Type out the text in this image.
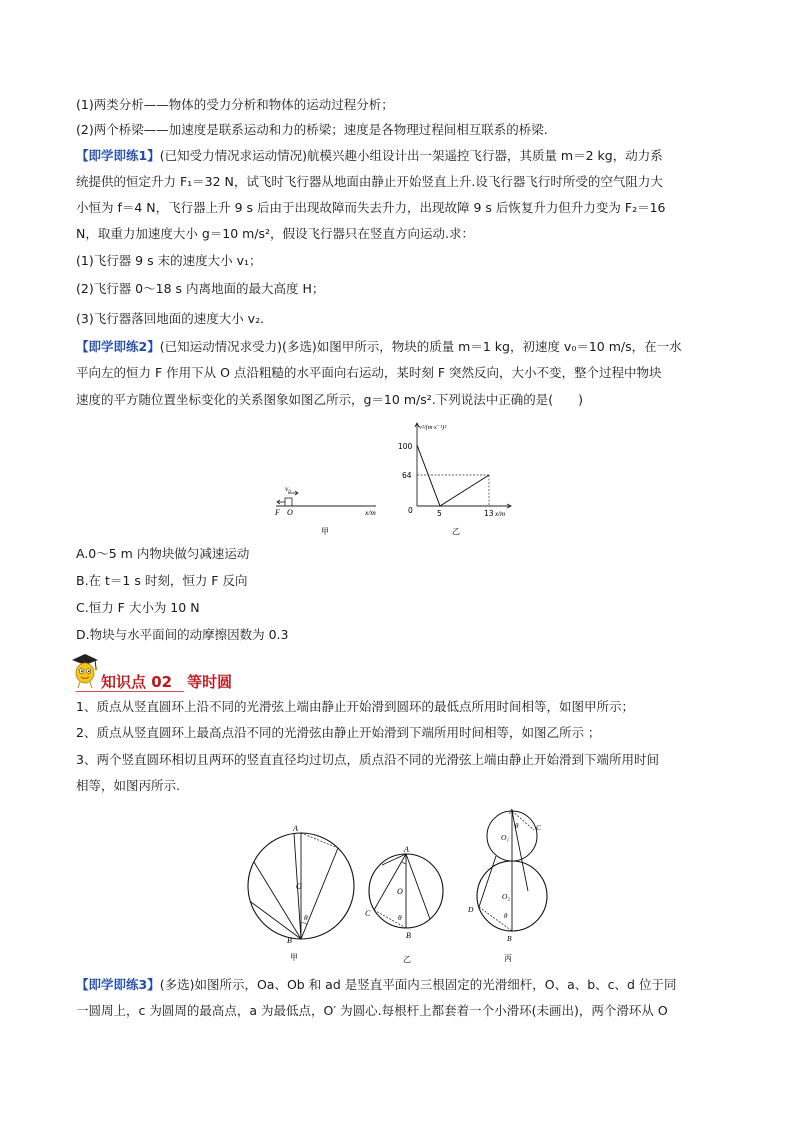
(1)两类分析——物体的受力分析和物体的运动过程分析；
(2)两个桥梁——加速度是联系运动和力的桥梁；速度是各物理过程间相互联系的桥梁.
【即学即练1】(已知受力情况求运动情况)航模兴趣小组设计出一架遥控飞行器，其质量 m＝2 kg，动力系
统提供的恒定升力 F₁＝32 N，试飞时飞行器从地面由静止开始竖直上升.设飞行器飞行时所受的空气阻力大
小恒为 f＝4 N，飞行器上升 9 s 后由于出现故障而失去升力，出现故障 9 s 后恢复升力但升力变为 F₂＝16
N，取重力加速度大小 g＝10 m/s²，假设飞行器只在竖直方向运动.求：
(1)飞行器 9 s 末的速度大小 v₁；
(2)飞行器 0～18 s 内离地面的最大高度 H；
(3)飞行器落回地面的速度大小 v₂.
【即学即练2】(已知运动情况求受力)(多选)如图甲所示，物块的质量 m＝1 kg，初速度 v₀＝10 m/s，在一水
平向左的恒力 F 作用下从 O 点沿粗糙的水平面向右运动，某时刻 F 突然反向，大小不变，整个过程中物块
速度的平方随位置坐标变化的关系图象如图乙所示，g＝10 m/s².下列说法中正确的是(　　)
v₀
F O	x/m
甲
v²/(m·s⁻¹)²
100
64
0	5	13 x/m
乙
A.0～5 m 内物块做匀减速运动
B.在 t＝1 s 时刻，恒力 F 反向
C.恒力 F 大小为 10 N
D.物块与水平面间的动摩擦因数为 0.3
知识点 02　等时圆
1、质点从竖直圆环上沿不同的光滑弦上端由静止开始滑到圆环的最低点所用时间相等，如图甲所示；
2、质点从竖直圆环上最高点沿不同的光滑弦由静止开始滑到下端所用时间相等，如图乙所示 ；
3、两个竖直圆环相切且两环的竖直直径均过切点，质点沿不同的光滑弦上端由静止开始滑到下端所用时间
相等，如图丙所示.
A
O
θ
B
甲
A
O
C	θ
B
乙
A
O₁
θ C
O₂
D
θ
B
丙
【即学即练3】(多选)如图所示，Oa、Ob 和 ad 是竖直平面内三根固定的光滑细杆，O、a、b、c、d 位于同
一圆周上，c 为圆周的最高点，a 为最低点，O′ 为圆心.每根杆上都套着一个小滑环(未画出)，两个滑环从 O
